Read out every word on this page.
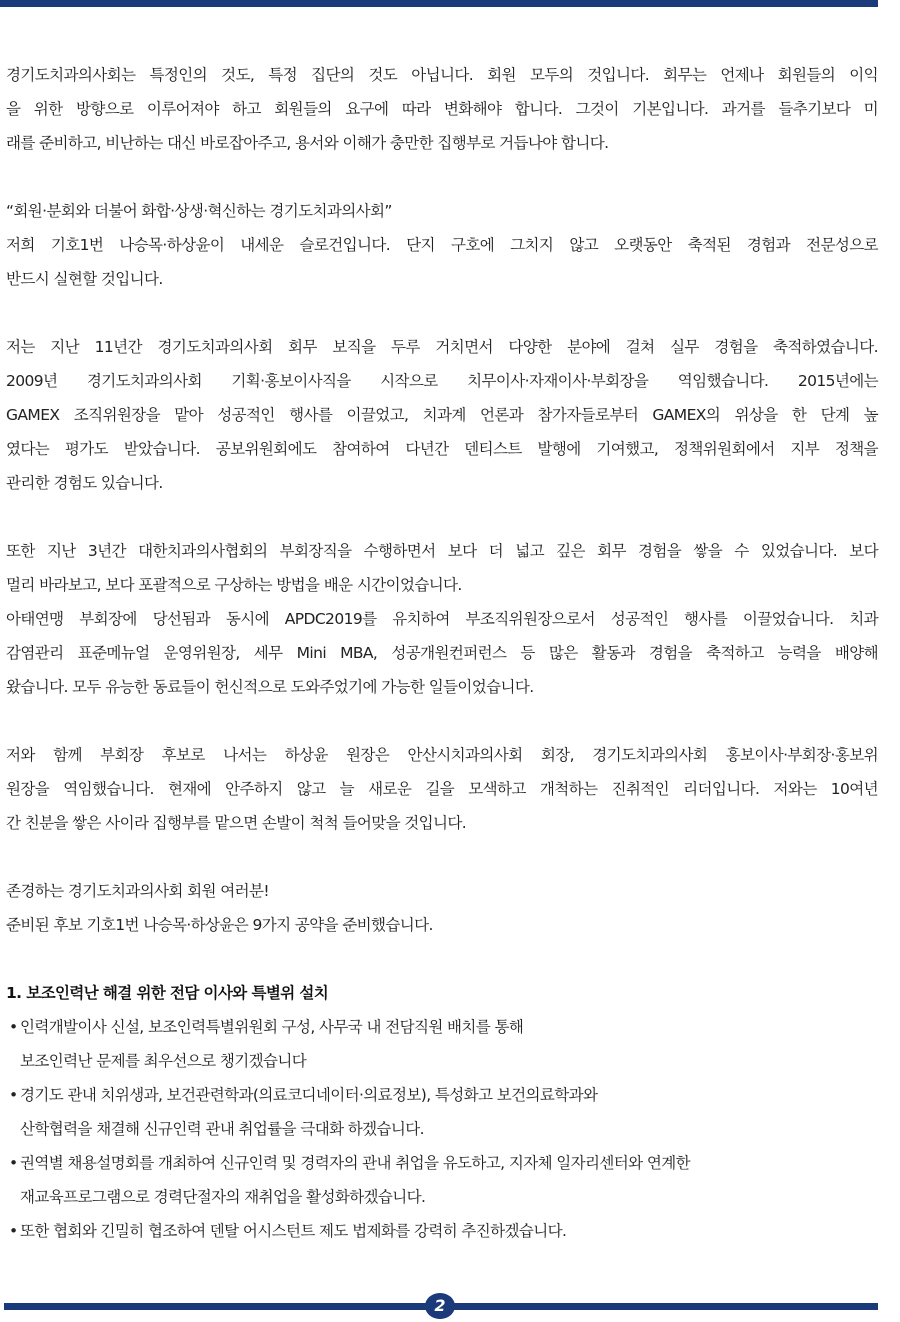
경기도치과의사회는 특정인의 것도, 특정 집단의 것도 아닙니다. 회원 모두의 것입니다. 회무는 언제나 회원들의 이익
을 위한 방향으로 이루어져야 하고 회원들의 요구에 따라 변화해야 합니다. 그것이 기본입니다. 과거를 들추기보다 미
래를 준비하고, 비난하는 대신 바로잡아주고, 용서와 이해가 충만한 집행부로 거듭나야 합니다.
“회원·분회와 더불어 화합·상생·혁신하는 경기도치과의사회”
저희 기호1번 나승목·하상윤이 내세운 슬로건입니다. 단지 구호에 그치지 않고 오랫동안 축적된 경험과 전문성으로
반드시 실현할 것입니다.
저는 지난 11년간 경기도치과의사회 회무 보직을 두루 거치면서 다양한 분야에 걸쳐 실무 경험을 축적하였습니다.
2009년 경기도치과의사회 기획·홍보이사직을 시작으로 치무이사·자재이사·부회장을 역임했습니다. 2015년에는
GAMEX 조직위원장을 맡아 성공적인 행사를 이끌었고, 치과계 언론과 참가자들로부터 GAMEX의 위상을 한 단계 높
였다는 평가도 받았습니다. 공보위원회에도 참여하여 다년간 덴티스트 발행에 기여했고, 정책위원회에서 지부 정책을
관리한 경험도 있습니다.
또한 지난 3년간 대한치과의사협회의 부회장직을 수행하면서 보다 더 넓고 깊은 회무 경험을 쌓을 수 있었습니다. 보다
멀리 바라보고, 보다 포괄적으로 구상하는 방법을 배운 시간이었습니다.
아태연맹 부회장에 당선됨과 동시에 APDC2019를 유치하여 부조직위원장으로서 성공적인 행사를 이끌었습니다. 치과
감염관리 표준메뉴얼 운영위원장, 세무 Mini MBA, 성공개원컨퍼런스 등 많은 활동과 경험을 축적하고 능력을 배양해
왔습니다. 모두 유능한 동료들이 헌신적으로 도와주었기에 가능한 일들이었습니다.
저와 함께 부회장 후보로 나서는 하상윤 원장은 안산시치과의사회 회장, 경기도치과의사회 홍보이사·부회장·홍보위
원장을 역임했습니다. 현재에 안주하지 않고 늘 새로운 길을 모색하고 개척하는 진취적인 리더입니다. 저와는 10여년
간 친분을 쌓은 사이라 집행부를 맡으면 손발이 척척 들어맞을 것입니다.
존경하는 경기도치과의사회 회원 여러분!
준비된 후보 기호1번 나승목·하상윤은 9가지 공약을 준비했습니다.
1. 보조인력난 해결 위한 전담 이사와 특별위 설치
• 인력개발이사 신설, 보조인력특별위원회 구성, 사무국 내 전담직원 배치를 통해
보조인력난 문제를 최우선으로 챙기겠습니다
• 경기도 관내 치위생과, 보건관련학과(의료코디네이터·의료정보), 특성화고 보건의료학과와
산학협력을 채결해 신규인력 관내 취업률을 극대화 하겠습니다.
• 권역별 채용설명회를 개최하여 신규인력 및 경력자의 관내 취업을 유도하고, 지자체 일자리센터와 연계한
재교육프로그램으로 경력단절자의 재취업을 활성화하겠습니다.
• 또한 협회와 긴밀히 협조하여 덴탈 어시스턴트 제도 법제화를 강력히 추진하겠습니다.
2
